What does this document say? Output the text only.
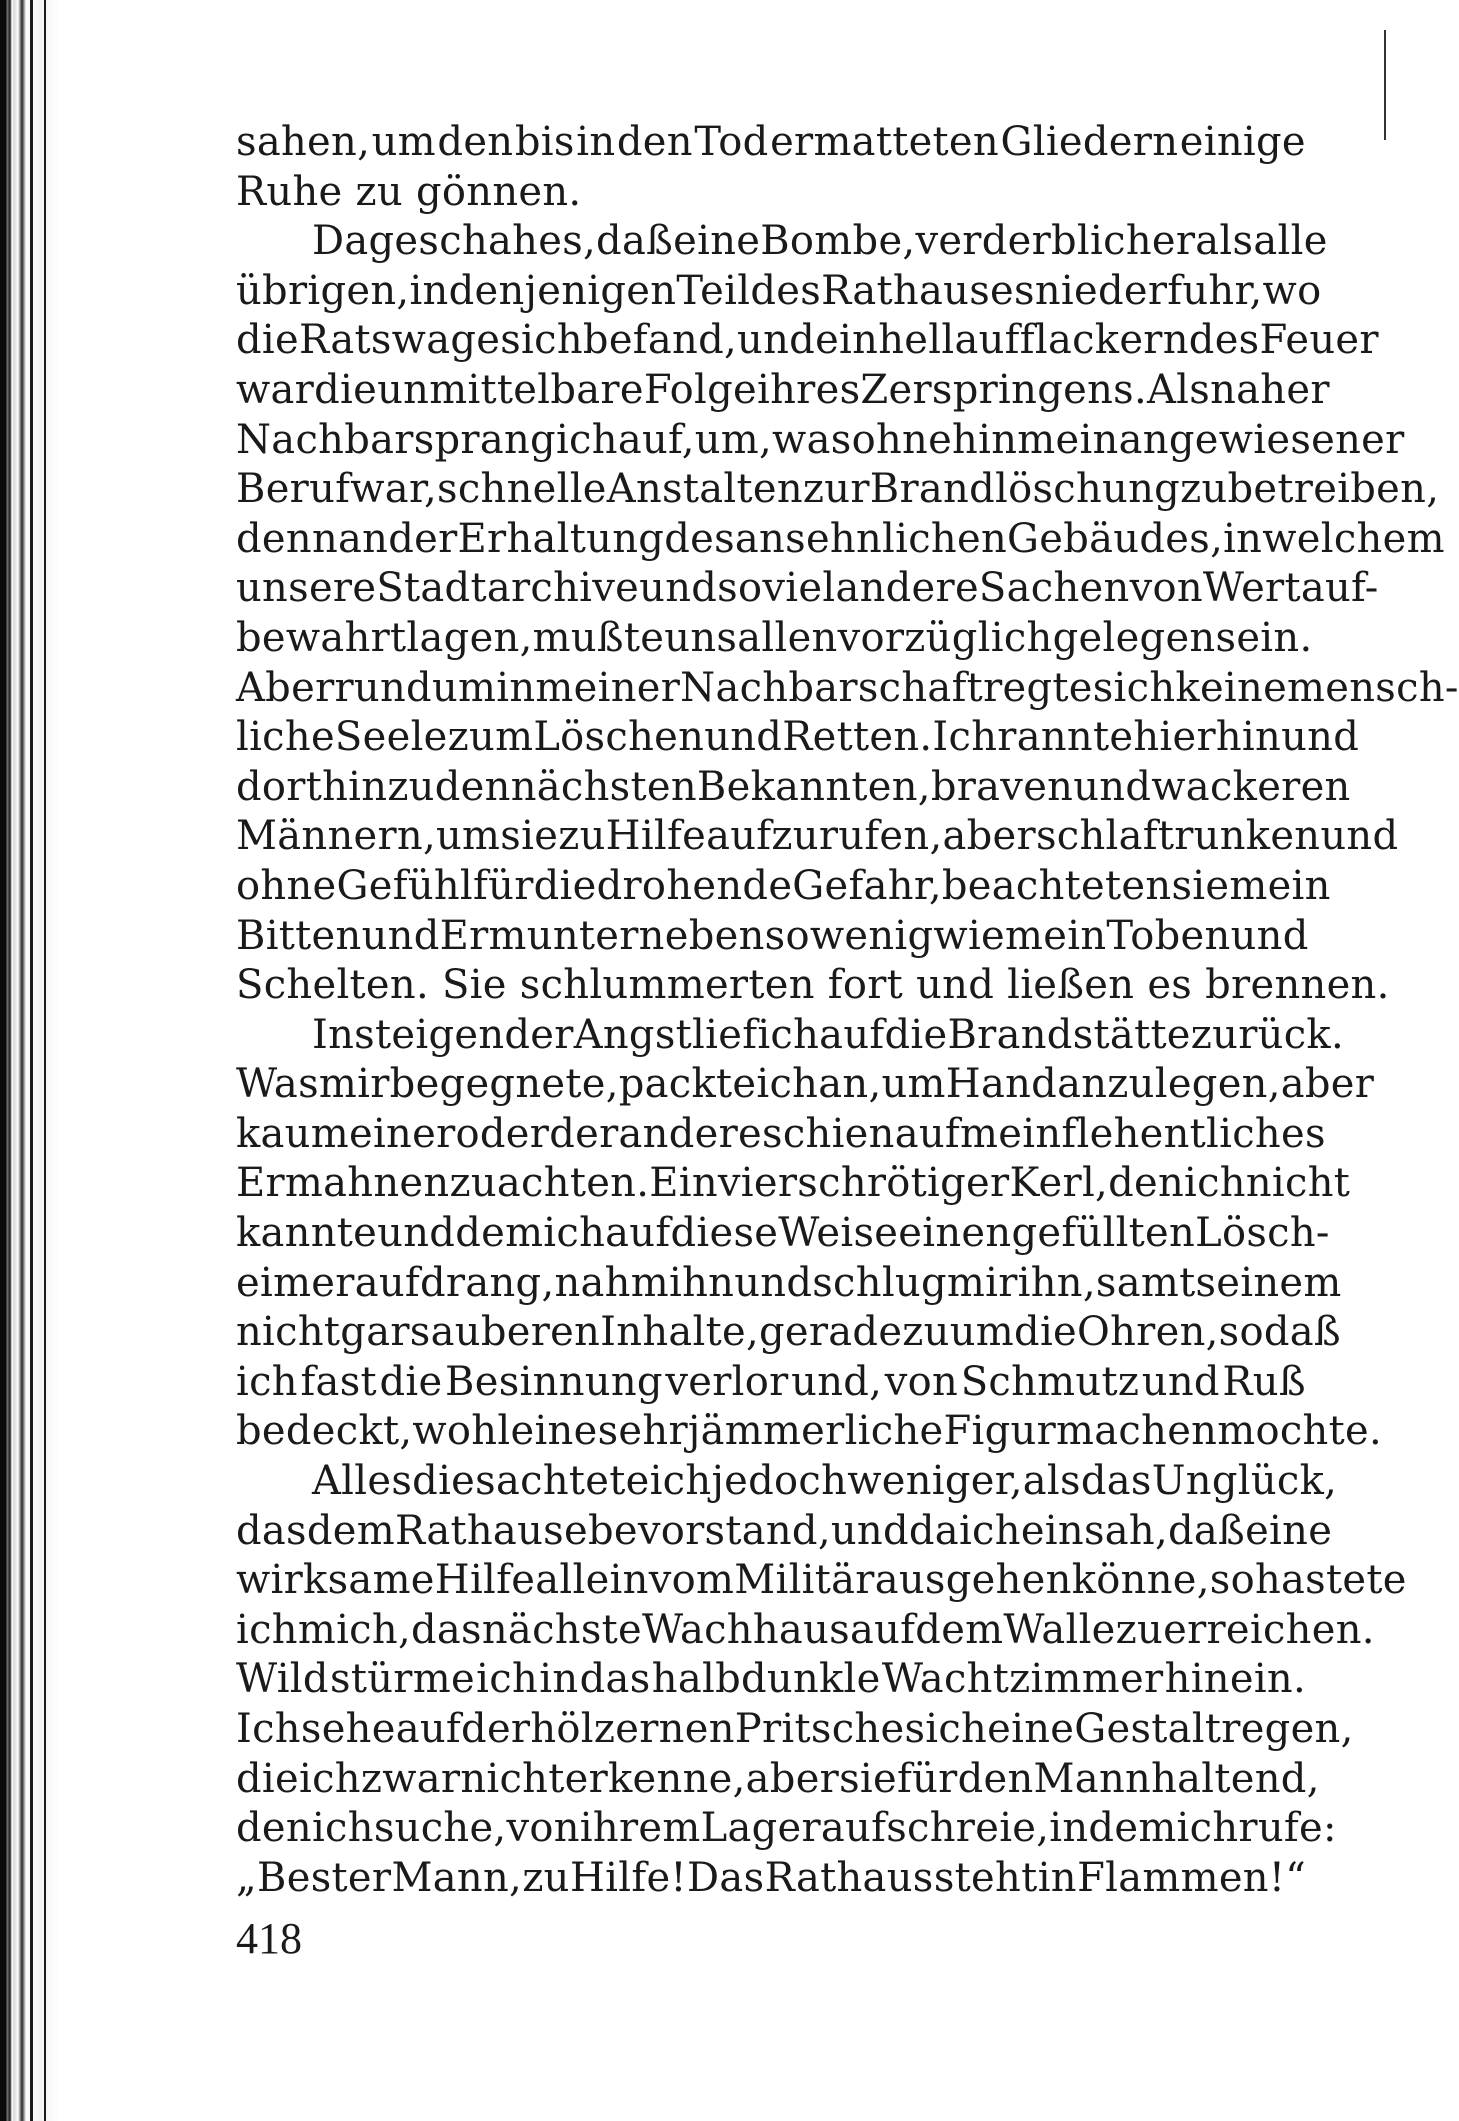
sahen, um den bis in den Tod ermatteten Gliedern einige
Ruhe zu gönnen.
Da geschah es, daß eine Bombe, verderblicher als alle
übrigen, in denjenigen Teil des Rathauses niederfuhr, wo
die Ratswage sich befand, und ein hellaufflackerndes Feuer
war die unmittelbare Folge ihres Zerspringens. Als naher
Nachbar sprang ich auf, um, was ohnehin mein angewiesener
Beruf war, schnelle Anstalten zur Brandlöschung zu betreiben,
denn an der Erhaltung des ansehnlichen Gebäudes, in welchem
unsere Stadtarchive und soviel andere Sachen von Wert auf-
bewahrt lagen, mußte uns allen vorzüglich gelegen sein.
Aber rundum in meiner Nachbarschaft regte sich keine mensch-
liche Seele zum Löschen und Retten. Ich rannte hierhin und
dorthin zu den nächsten Bekannten, braven und wackeren
Männern, um sie zu Hilfe aufzurufen, aber schlaftrunken und
ohne Gefühl für die drohende Gefahr, beachteten sie mein
Bitten und Ermuntern ebensowenig wie mein Toben und
Schelten. Sie schlummerten fort und ließen es brennen.
In steigender Angst lief ich auf die Brandstätte zurück.
Was mir begegnete, packte ich an, um Hand anzulegen, aber
kaum einer oder der andere schien auf mein flehentliches
Ermahnen zu achten. Ein vierschrötiger Kerl, den ich nicht
kannte und dem ich auf diese Weise einen gefüllten Lösch-
eimer aufdrang, nahm ihn und schlug mir ihn, samt seinem
nicht gar sauberen Inhalte, geradezu um die Ohren, so daß
ich fast die Besinnung verlor und, von Schmutz und Ruß
bedeckt, wohl eine sehr jämmerliche Figur machen mochte.
Alles dies achtete ich jedoch weniger, als das Unglück,
das dem Rathause bevorstand, und da ich einsah, daß eine
wirksame Hilfe allein vom Militär ausgehen könne, so hastete
ich mich, das nächste Wachhaus auf dem Walle zu erreichen.
Wild stürme ich in das halbdunkle Wachtzimmer hinein.
Ich sehe auf der hölzernen Pritsche sich eine Gestalt regen,
die ich zwar nicht erkenne, aber sie für den Mann haltend,
den ich suche, von ihrem Lager aufschreie, indem ich rufe:
„Bester Mann, zu Hilfe! Das Rathaus steht in Flammen!“
418
